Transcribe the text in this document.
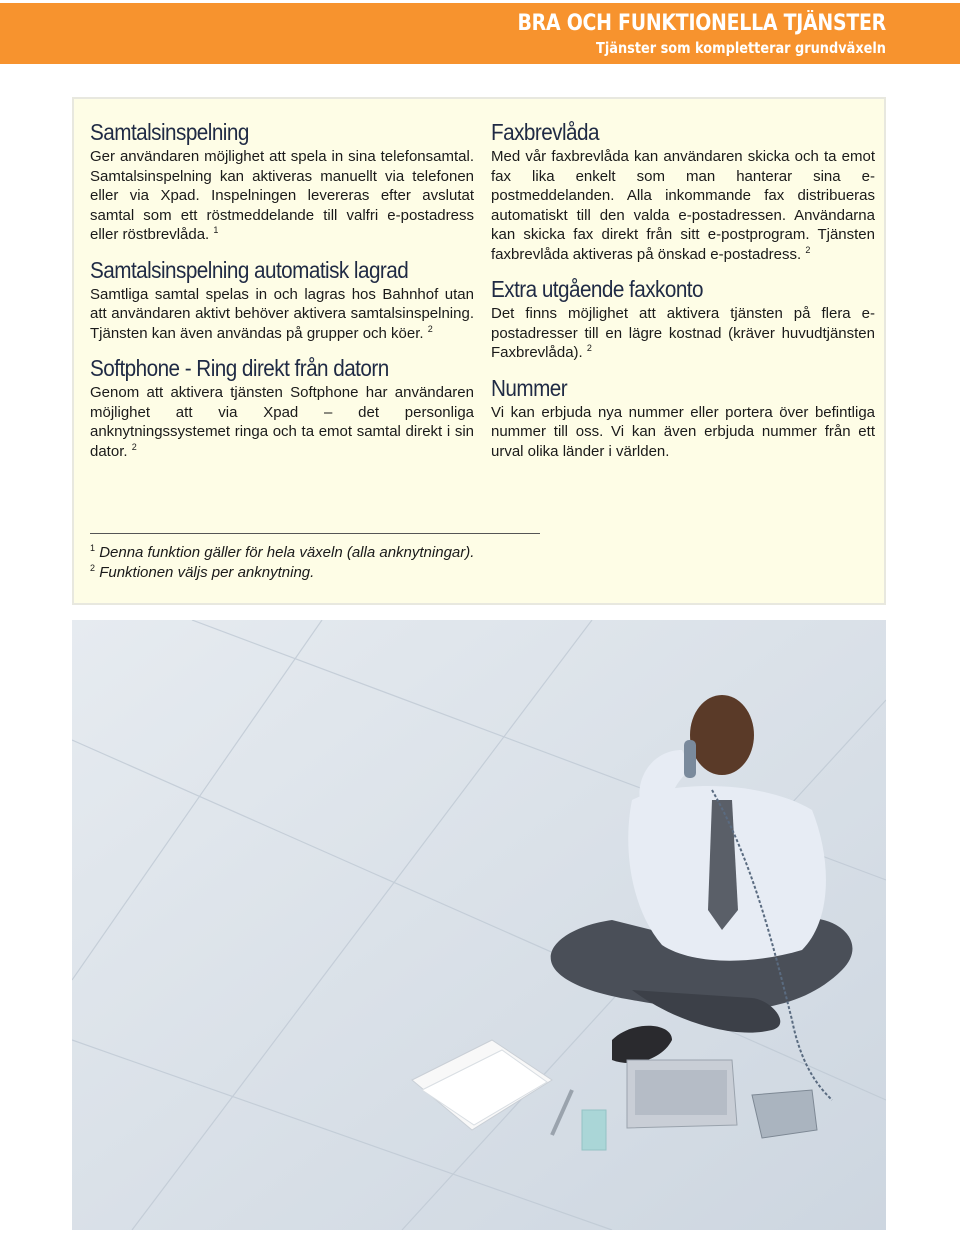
BRA OCH FUNKTIONELLA TJÄNSTER
Tjänster som kompletterar grundväxeln
Samtalsinspelning

Ger användaren möjlighet att spela in sina telefonsamtal. Samtalsinspelning kan aktiveras manuellt via telefonen eller via Xpad. Inspelningen levereras efter avslutat samtal som ett röstmeddelande till valfri e-postadress eller röstbrevlåda. $^1$

Samtalsinspelning automatisk lagrad

Samtliga samtal spelas in och lagras hos Bahnhof utan att användaren aktivt behöver aktivera samtalsinspelning. Tjänsten kan även användas på grupper och köer. $^2$

Softphone - Ring direkt från datorn

Genom att aktivera tjänsten Softphone har användaren möjlighet att via Xpad – det personliga anknytningssystemet ringa och ta emot samtal direkt i sin dator. $^2$

Faxbrevlåda

Med vår faxbrevlåda kan användaren skicka och ta emot fax lika enkelt som man hanterar sina e-postmeddelanden. Alla inkommande fax distribueras automatiskt till den valda e-postadressen. Användarna kan skicka fax direkt från sitt e-postprogram. Tjänsten faxbrevlåda aktiveras på önskad e-postadress. $^2$

Extra utgående faxkonto

Det finns möjlighet att aktivera tjänsten på flera e-postadresser till en lägre kostnad (kräver huvudtjänsten Faxbrevlåda). $^2$

Nummer

Vi kan erbjuda nya nummer eller portera över befintliga nummer till oss. Vi kan även erbjuda nummer från ett urval olika länder i världen.

$^1$ Denna funktion gäller för hela växeln (alla anknytningar).
$^2$ Funktionen väljs per anknytning.
